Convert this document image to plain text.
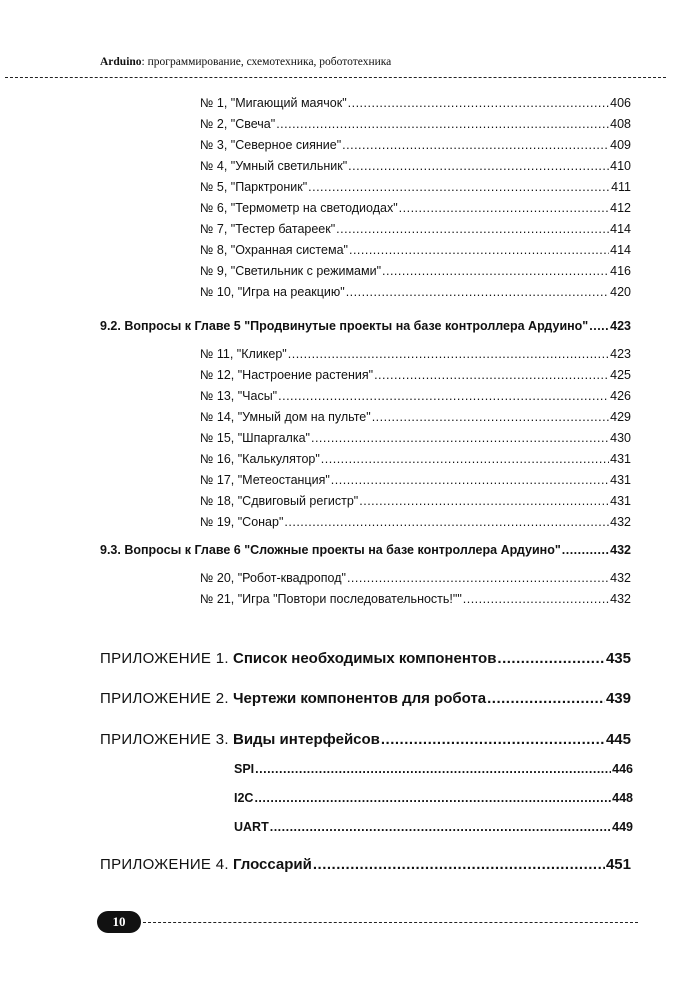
Arduino: программирование, схемотехника, робототехника
№ 1, "Мигающий маячок" .....	406
№ 2, "Свеча" .....	408
№ 3, "Северное сияние" .....	409
№ 4, "Умный светильник" .....	410
№ 5, "Парктроник" .....	411
№ 6, "Термометр на светодиодах" .....	412
№ 7, "Тестер батареек" .....	414
№ 8, "Охранная система" .....	414
№ 9, "Светильник с режимами" .....	416
№ 10, "Игра на реакцию" .....	420
9.2. Вопросы к Главе 5 "Продвинутые проекты на базе контроллера Ардуино" ..... 423
№ 11, "Кликер" .....	423
№ 12, "Настроение растения" .....	425
№ 13, "Часы" .....	426
№ 14, "Умный дом на пульте" .....	429
№ 15, "Шпаргалка" .....	430
№ 16, "Калькулятор" .....	431
№ 17, "Метеостанция" .....	431
№ 18, "Сдвиговый регистр" .....	431
№ 19, "Сонар" .....	432
9.3. Вопросы к Главе 6 "Сложные проекты на базе контроллера Ардуино" .....	432
№ 20, "Робот-квадропод" .....	432
№ 21, "Игра "Повтори последовательность!"" .....	432
ПРИЛОЖЕНИЕ 1. Список необходимых компонентов .....	435
ПРИЛОЖЕНИЕ 2. Чертежи компонентов для робота .....	439
ПРИЛОЖЕНИЕ 3. Виды интерфейсов .....	445
SPI .....	446
I2C .....	448
UART .....	449
ПРИЛОЖЕНИЕ 4. Глоссарий .....	451
10
